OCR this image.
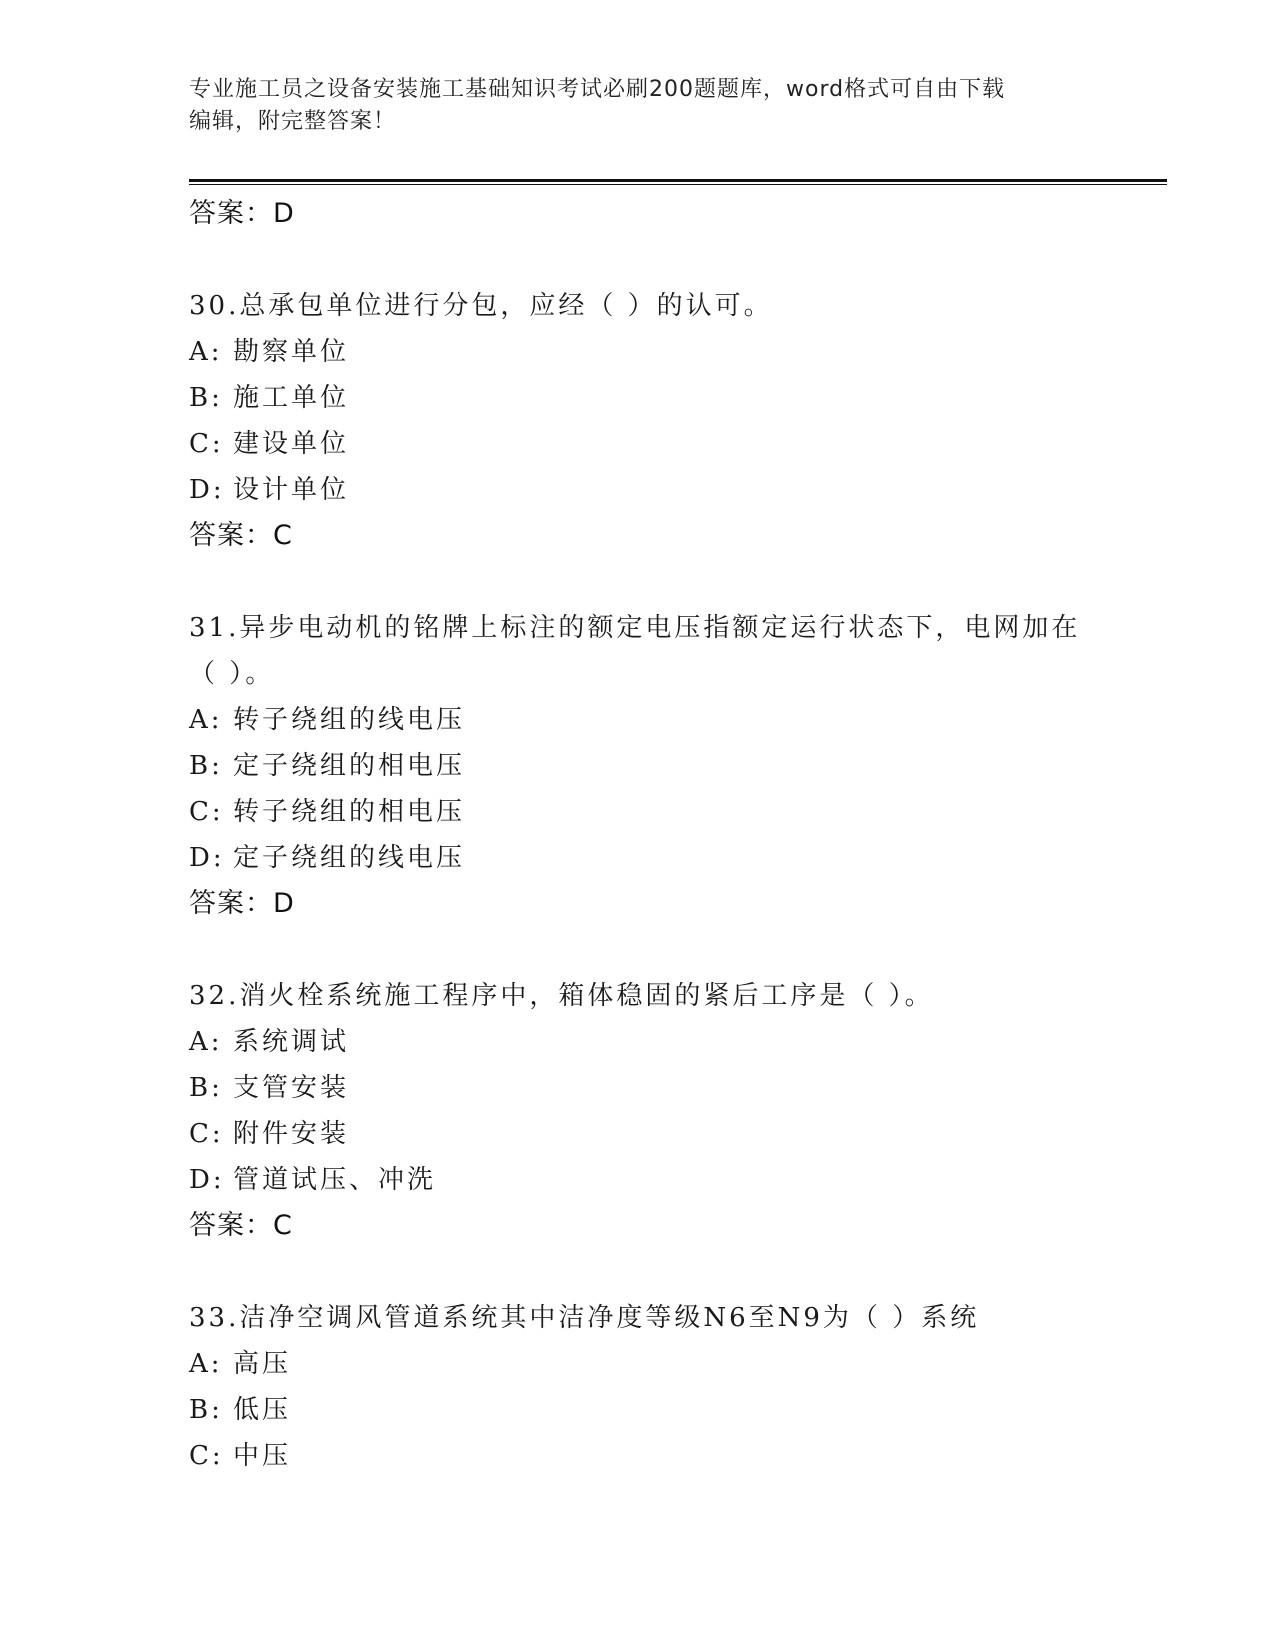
专业施工员之设备安装施工基础知识考试必刷200题题库，word格式可自由下载
编辑，附完整答案！
答案：D
30.总承包单位进行分包，应经（ ）的认可。
A: 勘察单位
B: 施工单位
C: 建设单位
D: 设计单位
答案：C
31.异步电动机的铭牌上标注的额定电压指额定运行状态下，电网加在（ ）。
A: 转子绕组的线电压
B: 定子绕组的相电压
C: 转子绕组的相电压
D: 定子绕组的线电压
答案：D
32.消火栓系统施工程序中，箱体稳固的紧后工序是（ ）。
A: 系统调试
B: 支管安装
C: 附件安装
D: 管道试压、冲洗
答案：C
33.洁净空调风管道系统其中洁净度等级N6至N9为（ ）系统
A: 高压
B: 低压
C: 中压
